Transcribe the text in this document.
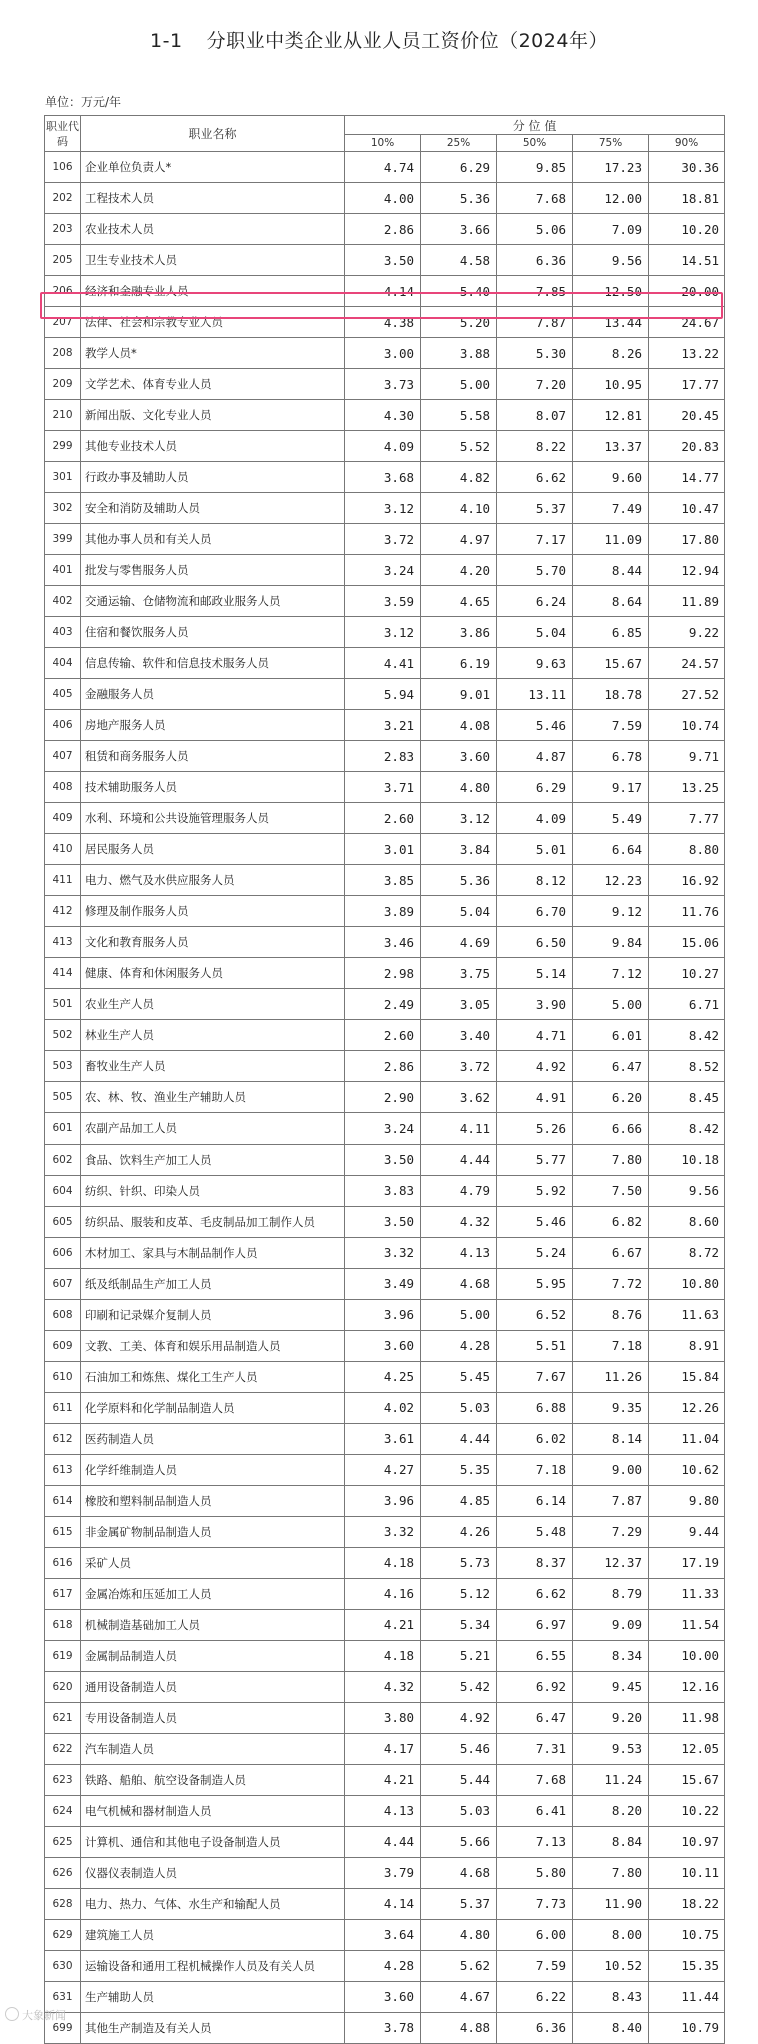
1-1 分职业中类企业从业人员工资价位（2024年）
单位：万元/年
职业代码	职业名称	分 位 值				
		10%	25%	50%	75%	90%
106	企业单位负责人*	4.74	6.29	9.85	17.23	30.36
202	工程技术人员	4.00	5.36	7.68	12.00	18.81
203	农业技术人员	2.86	3.66	5.06	7.09	10.20
205	卫生专业技术人员	3.50	4.58	6.36	9.56	14.51
206	经济和金融专业人员	4.14	5.40	7.85	12.50	20.00
207	法律、社会和宗教专业人员	4.38	5.20	7.87	13.44	24.67
208	教学人员*	3.00	3.88	5.30	8.26	13.22
209	文学艺术、体育专业人员	3.73	5.00	7.20	10.95	17.77
210	新闻出版、文化专业人员	4.30	5.58	8.07	12.81	20.45
299	其他专业技术人员	4.09	5.52	8.22	13.37	20.83
301	行政办事及辅助人员	3.68	4.82	6.62	9.60	14.77
302	安全和消防及辅助人员	3.12	4.10	5.37	7.49	10.47
399	其他办事人员和有关人员	3.72	4.97	7.17	11.09	17.80
401	批发与零售服务人员	3.24	4.20	5.70	8.44	12.94
402	交通运输、仓储物流和邮政业服务人员	3.59	4.65	6.24	8.64	11.89
403	住宿和餐饮服务人员	3.12	3.86	5.04	6.85	9.22
404	信息传输、软件和信息技术服务人员	4.41	6.19	9.63	15.67	24.57
405	金融服务人员	5.94	9.01	13.11	18.78	27.52
406	房地产服务人员	3.21	4.08	5.46	7.59	10.74
407	租赁和商务服务人员	2.83	3.60	4.87	6.78	9.71
408	技术辅助服务人员	3.71	4.80	6.29	9.17	13.25
409	水利、环境和公共设施管理服务人员	2.60	3.12	4.09	5.49	7.77
410	居民服务人员	3.01	3.84	5.01	6.64	8.80
411	电力、燃气及水供应服务人员	3.85	5.36	8.12	12.23	16.92
412	修理及制作服务人员	3.89	5.04	6.70	9.12	11.76
413	文化和教育服务人员	3.46	4.69	6.50	9.84	15.06
414	健康、体育和休闲服务人员	2.98	3.75	5.14	7.12	10.27
501	农业生产人员	2.49	3.05	3.90	5.00	6.71
502	林业生产人员	2.60	3.40	4.71	6.01	8.42
503	畜牧业生产人员	2.86	3.72	4.92	6.47	8.52
505	农、林、牧、渔业生产辅助人员	2.90	3.62	4.91	6.20	8.45
601	农副产品加工人员	3.24	4.11	5.26	6.66	8.42
602	食品、饮料生产加工人员	3.50	4.44	5.77	7.80	10.18
604	纺织、针织、印染人员	3.83	4.79	5.92	7.50	9.56
605	纺织品、服装和皮革、毛皮制品加工制作人员	3.50	4.32	5.46	6.82	8.60
606	木材加工、家具与木制品制作人员	3.32	4.13	5.24	6.67	8.72
607	纸及纸制品生产加工人员	3.49	4.68	5.95	7.72	10.80
608	印刷和记录媒介复制人员	3.96	5.00	6.52	8.76	11.63
609	文教、工美、体育和娱乐用品制造人员	3.60	4.28	5.51	7.18	8.91
610	石油加工和炼焦、煤化工生产人员	4.25	5.45	7.67	11.26	15.84
611	化学原料和化学制品制造人员	4.02	5.03	6.88	9.35	12.26
612	医药制造人员	3.61	4.44	6.02	8.14	11.04
613	化学纤维制造人员	4.27	5.35	7.18	9.00	10.62
614	橡胶和塑料制品制造人员	3.96	4.85	6.14	7.87	9.80
615	非金属矿物制品制造人员	3.32	4.26	5.48	7.29	9.44
616	采矿人员	4.18	5.73	8.37	12.37	17.19
617	金属冶炼和压延加工人员	4.16	5.12	6.62	8.79	11.33
618	机械制造基础加工人员	4.21	5.34	6.97	9.09	11.54
619	金属制品制造人员	4.18	5.21	6.55	8.34	10.00
620	通用设备制造人员	4.32	5.42	6.92	9.45	12.16
621	专用设备制造人员	3.80	4.92	6.47	9.20	11.98
622	汽车制造人员	4.17	5.46	7.31	9.53	12.05
623	铁路、船舶、航空设备制造人员	4.21	5.44	7.68	11.24	15.67
624	电气机械和器材制造人员	4.13	5.03	6.41	8.20	10.22
625	计算机、通信和其他电子设备制造人员	4.44	5.66	7.13	8.84	10.97
626	仪器仪表制造人员	3.79	4.68	5.80	7.80	10.11
628	电力、热力、气体、水生产和输配人员	4.14	5.37	7.73	11.90	18.22
629	建筑施工人员	3.64	4.80	6.00	8.00	10.75
630	运输设备和通用工程机械操作人员及有关人员	4.28	5.62	7.59	10.52	15.35
631	生产辅助人员	3.60	4.67	6.22	8.43	11.44
699	其他生产制造及有关人员	3.78	4.88	6.36	8.40	10.79
大象新闻
